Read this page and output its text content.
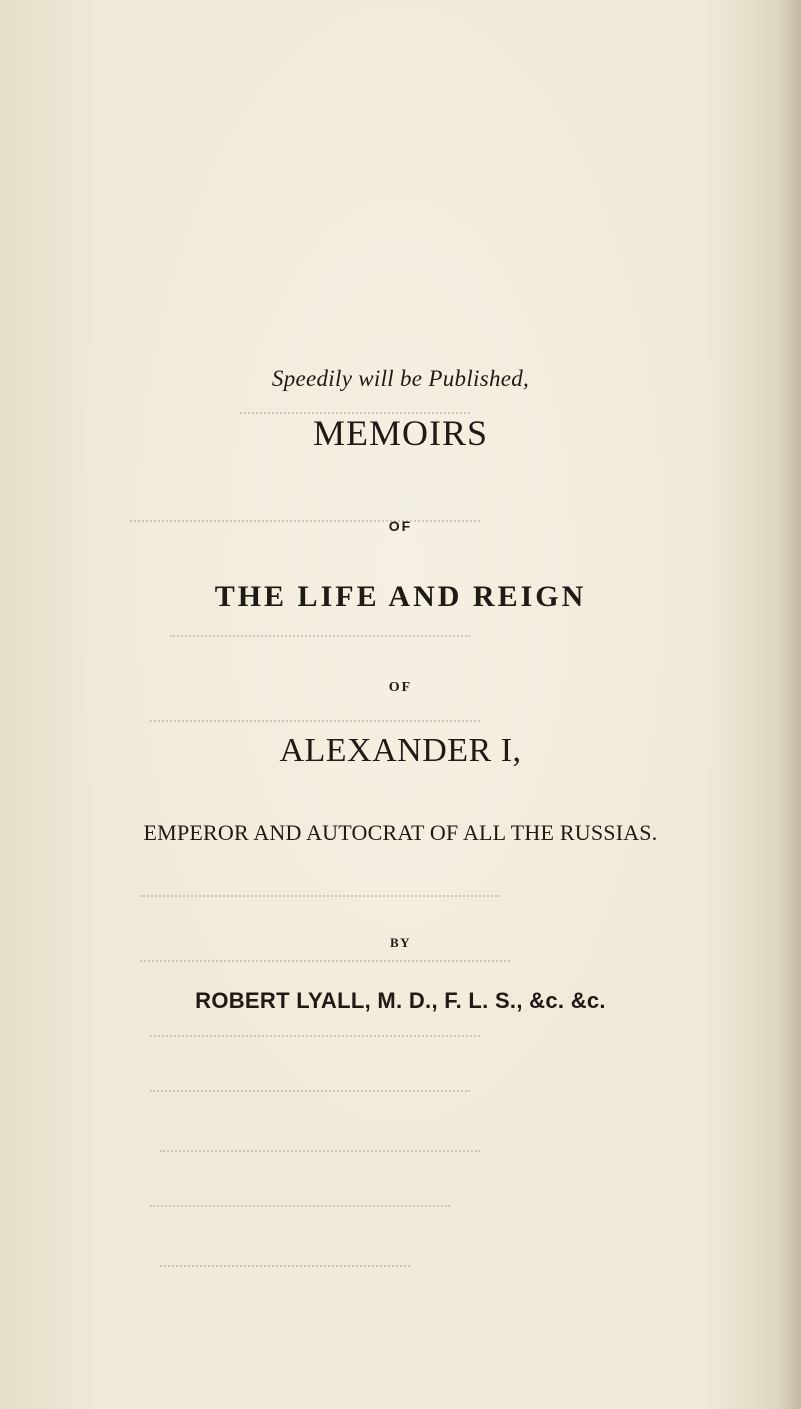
Speedily will be Published,
MEMOIRS
OF
THE LIFE AND REIGN
OF
ALEXANDER I,
EMPEROR AND AUTOCRAT OF ALL THE RUSSIAS.
BY
ROBERT LYALL, M. D., F. L. S., &c. &c.
